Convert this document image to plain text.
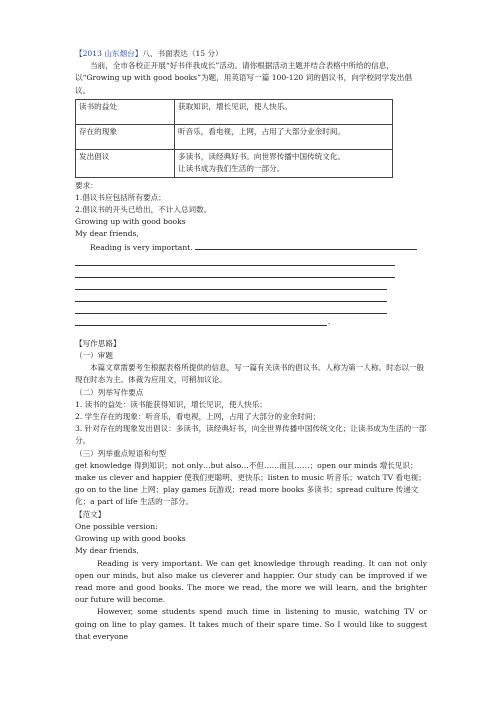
【2013 山东烟台】八、书面表达（15 分）

当前，全市各校正开展“好书伴我成长”活动。请你根据活动主题并结合表格中所给的信息，以“Growing up with good books”为题，用英语写一篇 100-120 词的倡议书，向学校同学发出倡议。

读书的益处	获取知识，增长见识，使人快乐。

存在的现象	听音乐，看电视，上网，占用了大部分业余时间。

发出倡议	多读书，读经典好书。向世界传播中国传统文化。
让读书成为我们生活的一部分。

要求：

1.倡议书应包括所有要点；

2.倡议书的开头已给出，不计入总词数。

Growing up with good books

My dear friends,

Reading is very important.

.

【写作思路】

（一）审题

本篇文章需要考生根据表格所提供的信息，写一篇有关读书的倡议书。人称为第一人称。时态以一般现在时态为主。体裁为应用文，可稍加议论。

（二）列举写作要点

1. 读书的益处：读书能获得知识，增长见识，使人快乐；

2. 学生存在的现象：听音乐，看电视，上网，占用了大部分的业余时间；

3. 针对存在的现象发出倡议：多读书，读经典好书，向全世界传播中国传统文化；让读书成为生活的一部分。

（三）列举重点短语和句型

get knowledge 得到知识；not only…but also…不但……而且……；open our minds 增长见识；make us clever and happier 使我们更聪明、更快乐；listen to music 听音乐；watch TV 看电视；go on to the line 上网；play games 玩游戏；read more books 多读书；spread culture 传递文化；a part of life 生活的一部分。

【范文】

One possible version:

Growing up with good books

My dear friends,

Reading is very important. We can get knowledge through reading. It can not only open our minds, but also make us cleverer and happier. Our study can be improved if we read more and good books. The more we read, the more we will learn, and the brighter our future will become.

However, some students spend much time in listening to music, watching TV or going on line to play games. It takes much of their spare time. So I would like to suggest that everyone
